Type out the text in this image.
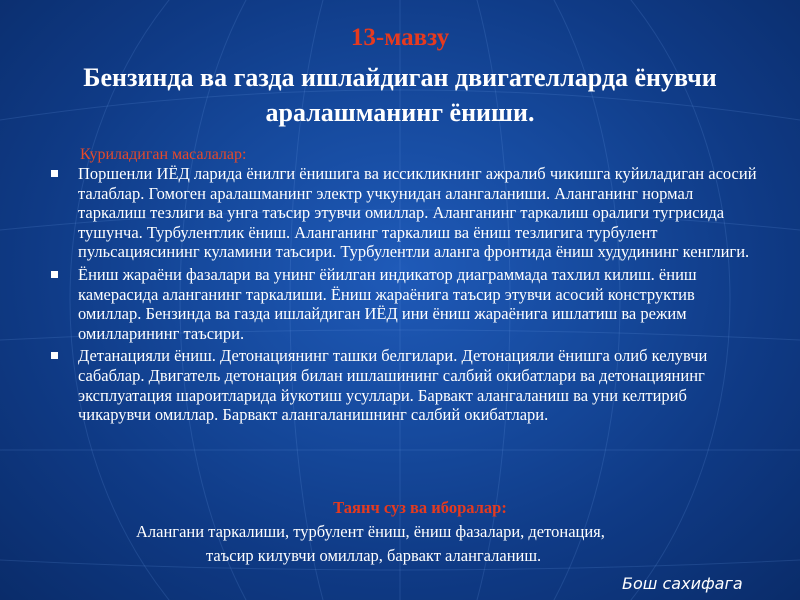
13-мавзу
Бензинда ва газда ишлайдиган двигателларда ёнувчи аралашманинг ёниши.
Куриладиган масалалар:
Поршенли ИЁД ларида ёнилги ёнишига ва иссикликнинг ажралиб чикишга куйиладиган асосий талаблар. Гомоген аралашманинг электр учкунидан алангаланиши. Аланганинг нормал таркалиш тезлиги ва унга таъсир этувчи омиллар. Аланганинг таркалиш оралиги тугрисида тушунча. Турбулентлик ёниш. Аланганинг таркалиш ва ёниш тезлигига турбулент пульсациясининг куламини таъсири. Турбулентли аланга фронтида ёниш худудининг кенглиги.
Ёниш жараёни фазалари ва унинг ёйилган индикатор диаграммада тахлил килиш. ёниш камерасида аланганинг таркалиши. Ёниш жараёнига таъсир этувчи асосий конструктив омиллар. Бензинда ва газда ишлайдиган ИЁД ини ёниш жараёнига ишлатиш ва режим омилларининг таъсири.
Детанацияли ёниш. Детонациянинг ташки белгилари. Детонацияли ёнишга олиб келувчи сабаблар. Двигатель детонация билан ишлашининг салбий окибатлари ва детонациянинг эксплуатация шароитларида йукотиш усуллари. Барвакт алангаланиш ва уни келтириб чикарувчи омиллар. Барвакт алангаланишнинг салбий окибатлари.
Таянч суз ва иборалар:
Алангани таркалиши, турбулент ёниш, ёниш фазалари, детонация,
таъсир килувчи омиллар, барвакт алангаланиш.
Бош сахифага
